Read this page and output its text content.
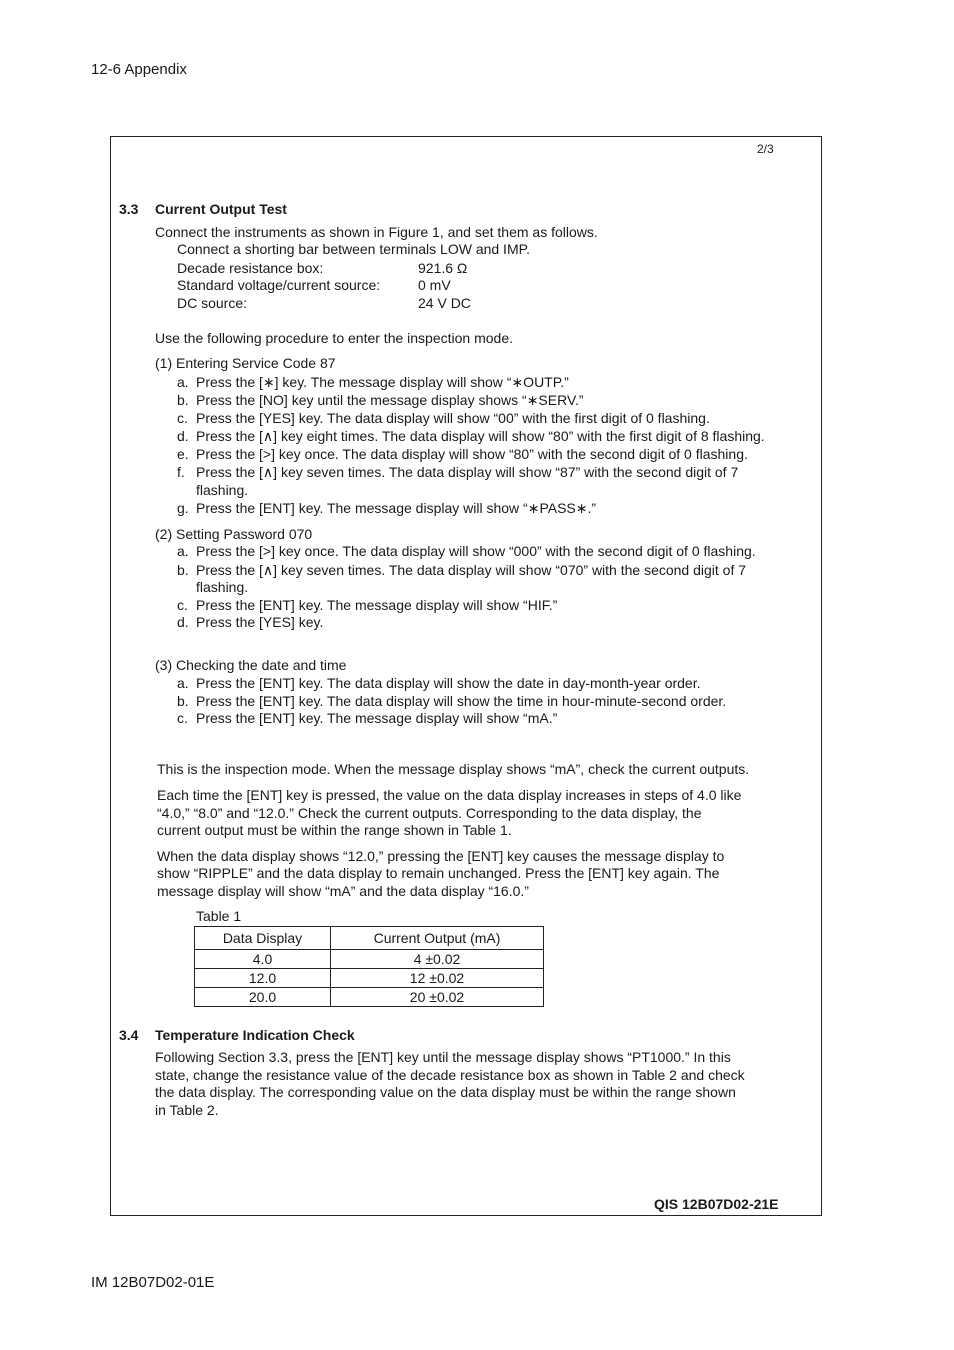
12-6 Appendix
2/3
3.3 Current Output Test
Connect the instruments as shown in Figure 1, and set them as follows.
Connect a shorting bar between terminals LOW and IMP.
Decade resistance box:	921.6 Ω
Standard voltage/current source:	0 mV
DC source:	24 V DC
Use the following procedure to enter the inspection mode.
(1) Entering Service Code 87
a. Press the [∗] key. The message display will show “∗OUTP.”
b. Press the [NO] key until the message display shows “∗SERV.”
c. Press the [YES] key. The data display will show “00” with the first digit of 0 flashing.
d. Press the [∧] key eight times. The data display will show “80” with the first digit of 8 flashing.
e. Press the [>] key once. The data display will show “80” with the second digit of 0 flashing.
f. Press the [∧] key seven times. The data display will show “87” with the second digit of 7
flashing.
g. Press the [ENT] key. The message display will show “∗PASS∗.”
(2) Setting Password 070
a. Press the [>] key once. The data display will show “000” with the second digit of 0 flashing.
b. Press the [∧] key seven times. The data display will show “070” with the second digit of 7
flashing.
c. Press the [ENT] key. The message display will show “HIF.”
d. Press the [YES] key.
(3) Checking the date and time
a. Press the [ENT] key. The data display will show the date in day-month-year order.
b. Press the [ENT] key. The data display will show the time in hour-minute-second order.
c. Press the [ENT] key. The message display will show “mA.”
This is the inspection mode. When the message display shows “mA”, check the current outputs.
Each time the [ENT] key is pressed, the value on the data display increases in steps of 4.0 like
“4.0,” “8.0” and “12.0.” Check the current outputs. Corresponding to the data display, the
current output must be within the range shown in Table 1.
When the data display shows “12.0,” pressing the [ENT] key causes the message display to
show “RIPPLE” and the data display to remain unchanged. Press the [ENT] key again. The
message display will show “mA” and the data display “16.0.”
Table 1
Data Display	Current Output (mA)
4.0	4 ±0.02
12.0	12 ±0.02
20.0	20 ±0.02
3.4 Temperature Indication Check
Following Section 3.3, press the [ENT] key until the message display shows “PT1000.” In this
state, change the resistance value of the decade resistance box as shown in Table 2 and check
the data display. The corresponding value on the data display must be within the range shown
in Table 2.
QIS 12B07D02-21E
IM 12B07D02-01E
